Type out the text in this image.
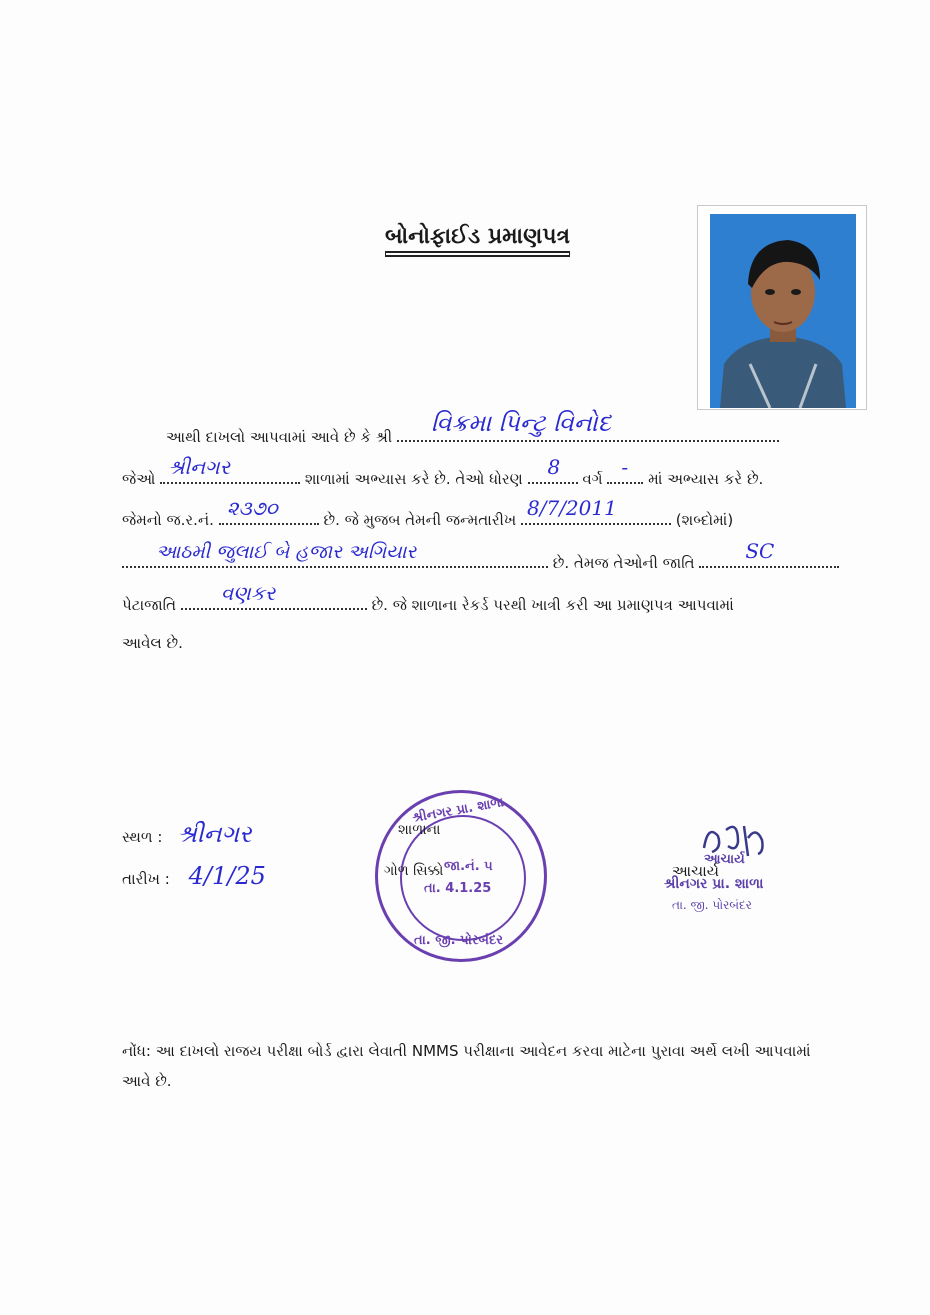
બોનોફાઈડ પ્રમાણપત્ર
આથી દાખલો આપવામાં આવે છે કે શ્રી વિક્રમા પિન્ટુ વિનોદ
જેઓ શ્રીનગર	શાળામાં અભ્યાસ કરે છે. તેઓ ધોરણ 8 વર્ગ - માં અભ્યાસ કરે છે.
જેમનો જ.ર.નં. ૨૩૭૦	છે. જે મુજબ તેમની જન્મતારીખ 8/7/2011	(શબ્દોમાં)
આઠમી જુલાઈ બે હજાર અગિયાર	છે. તેમજ તેઓની જાતિ	SC
પેટાજાતિ વણકર	છે. જે શાળાના રેકર્ડ પરથી ખાત્રી કરી આ પ્રમાણપત્ર આપવામાં
આવેલ છે.
સ્થળ : શ્રીનગર
તારીખ : 4/1/25
શ્રીનગર પ્રા. શાળા
જા.નં. ૫
તા. 4.1.25
તા. જી. પોરબંદર
શાળાના
ગોળ સિક્કો	આચાર્ય
આચાર્ય
શ્રીનગર પ્રા. શાળા
તા. જી. પોરબંદર
નોંધ: આ દાખલો રાજય પરીક્ષા બોર્ડ દ્વારા લેવાતી NMMS પરીક્ષાના આવેદન કરવા માટેના પુરાવા અર્થે લખી આપવામાં આવે છે.
